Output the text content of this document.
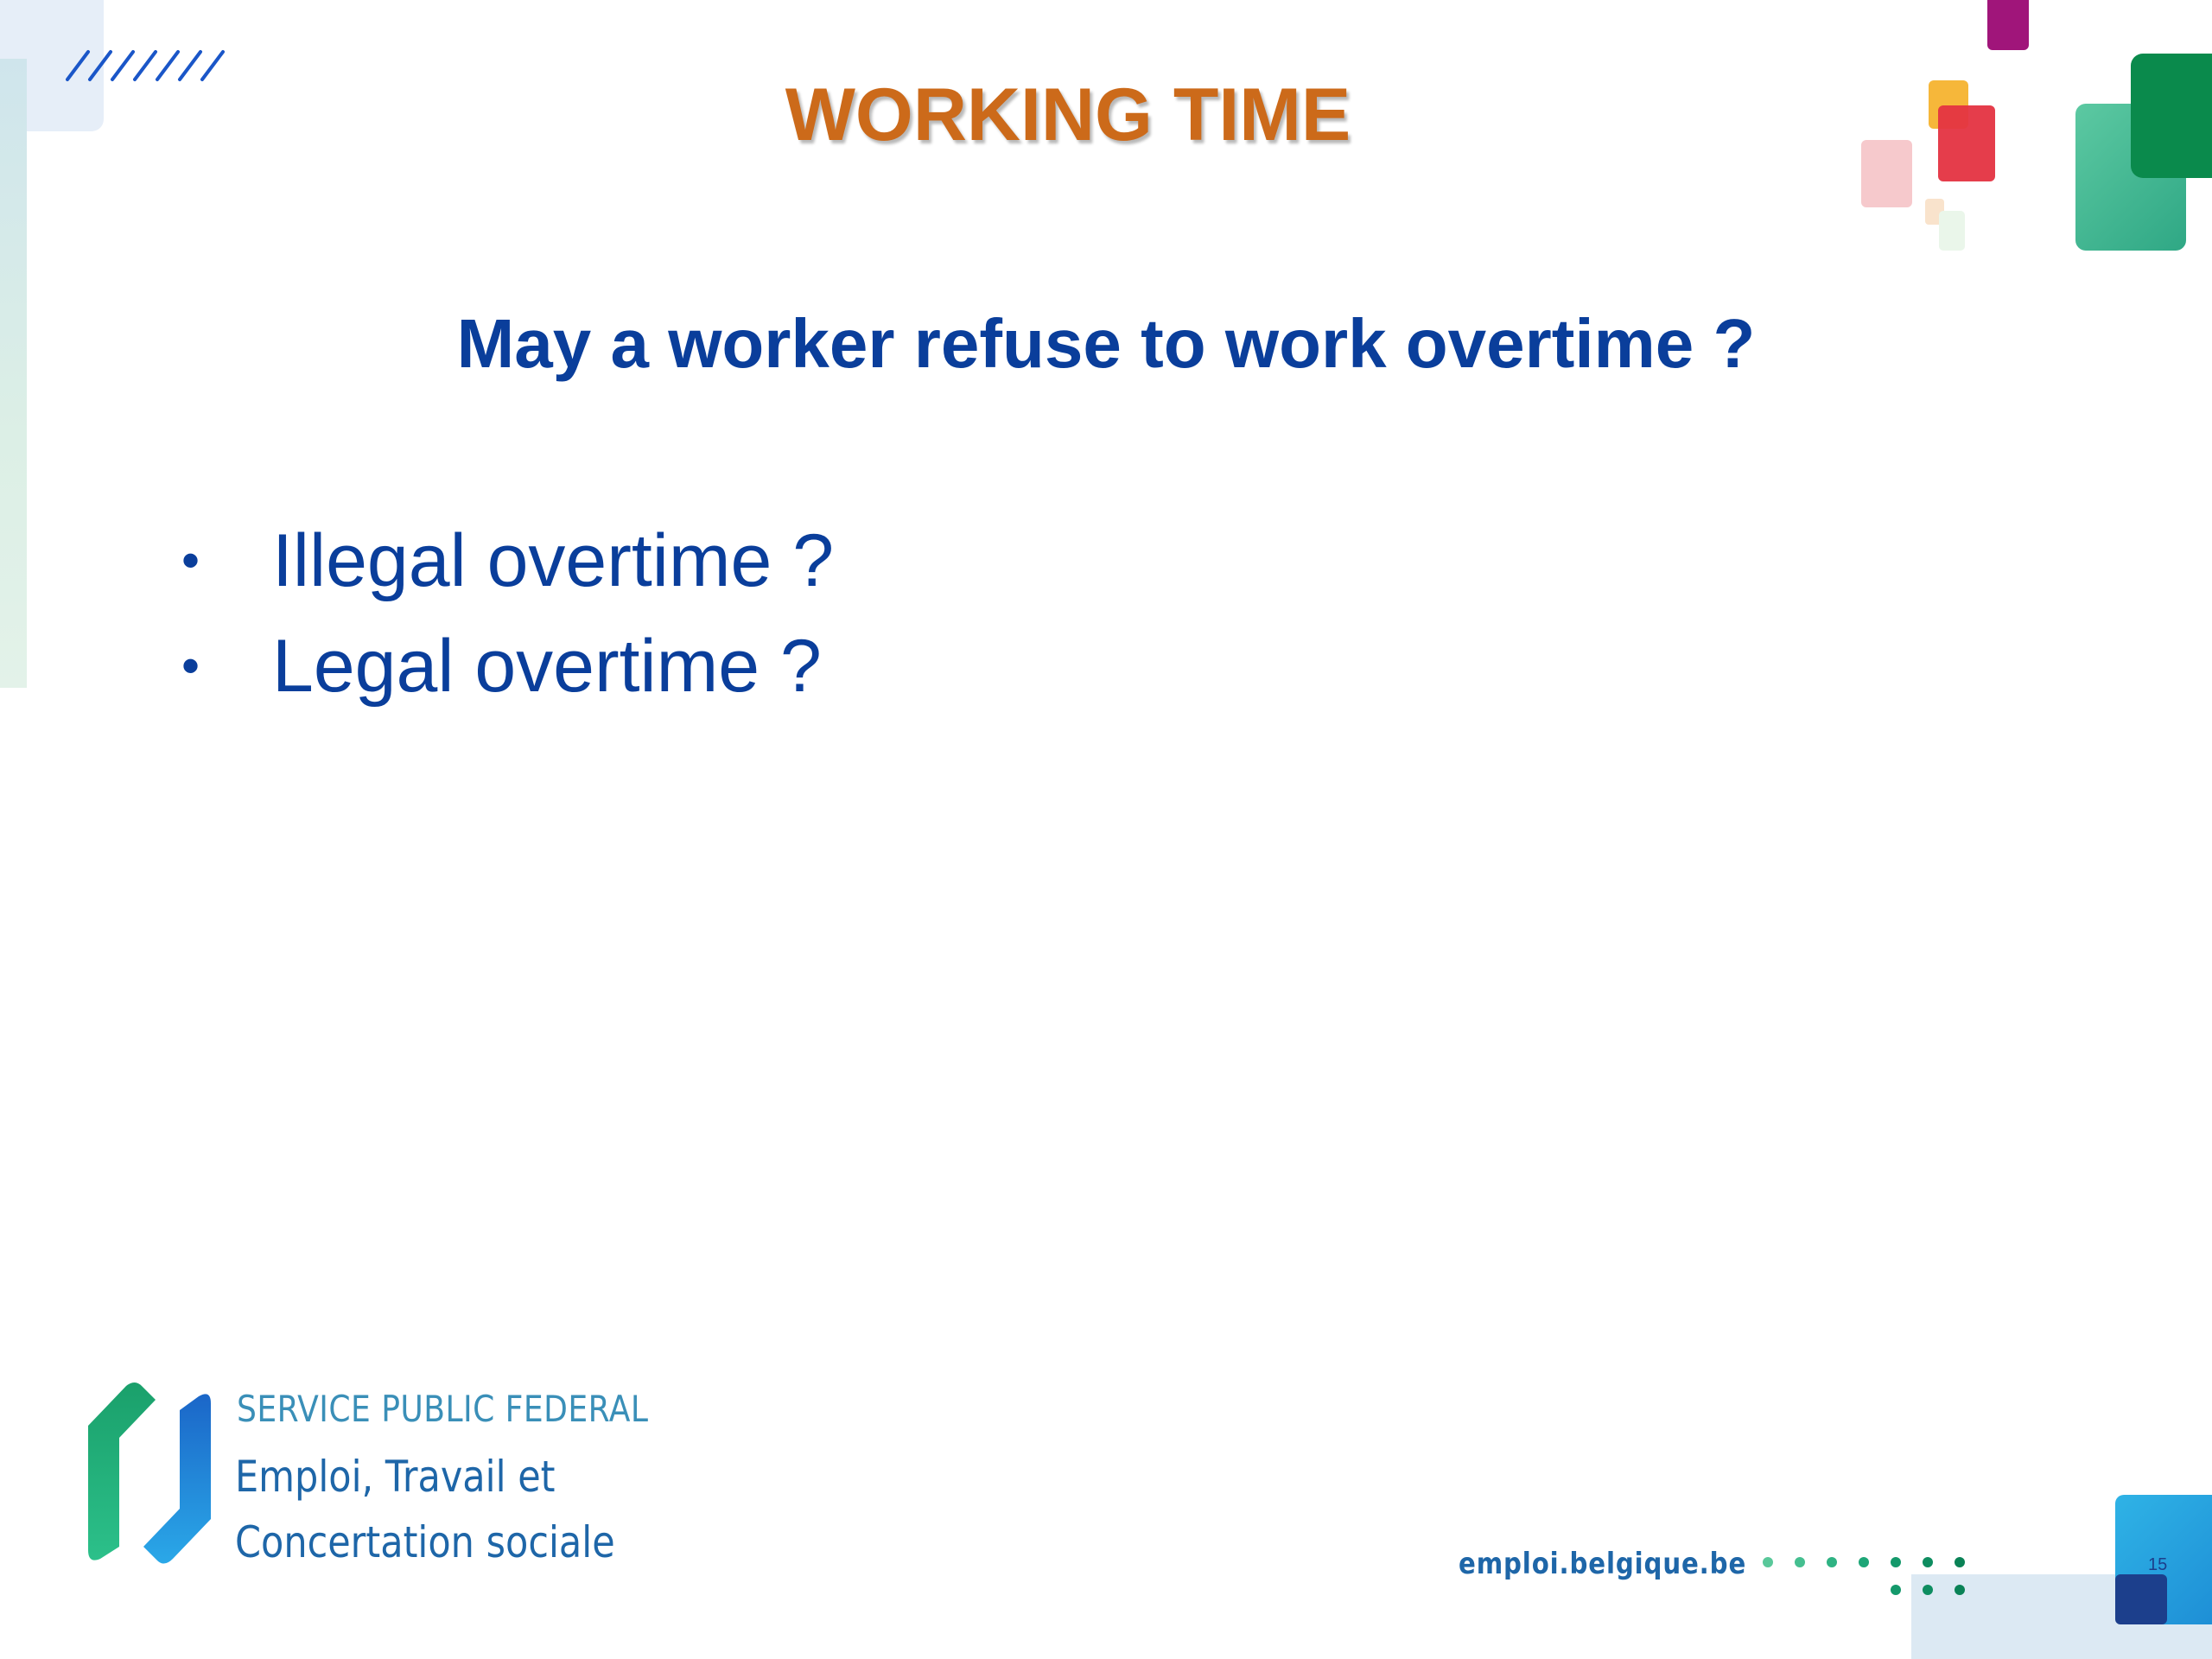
WORKING TIME
May a worker refuse to work overtime ?
• Illegal overtime ?
• Legal overtime ?
SERVICE PUBLIC FEDERAL
Emploi, Travail et
Concertation sociale	emploi.belgique.be	15
